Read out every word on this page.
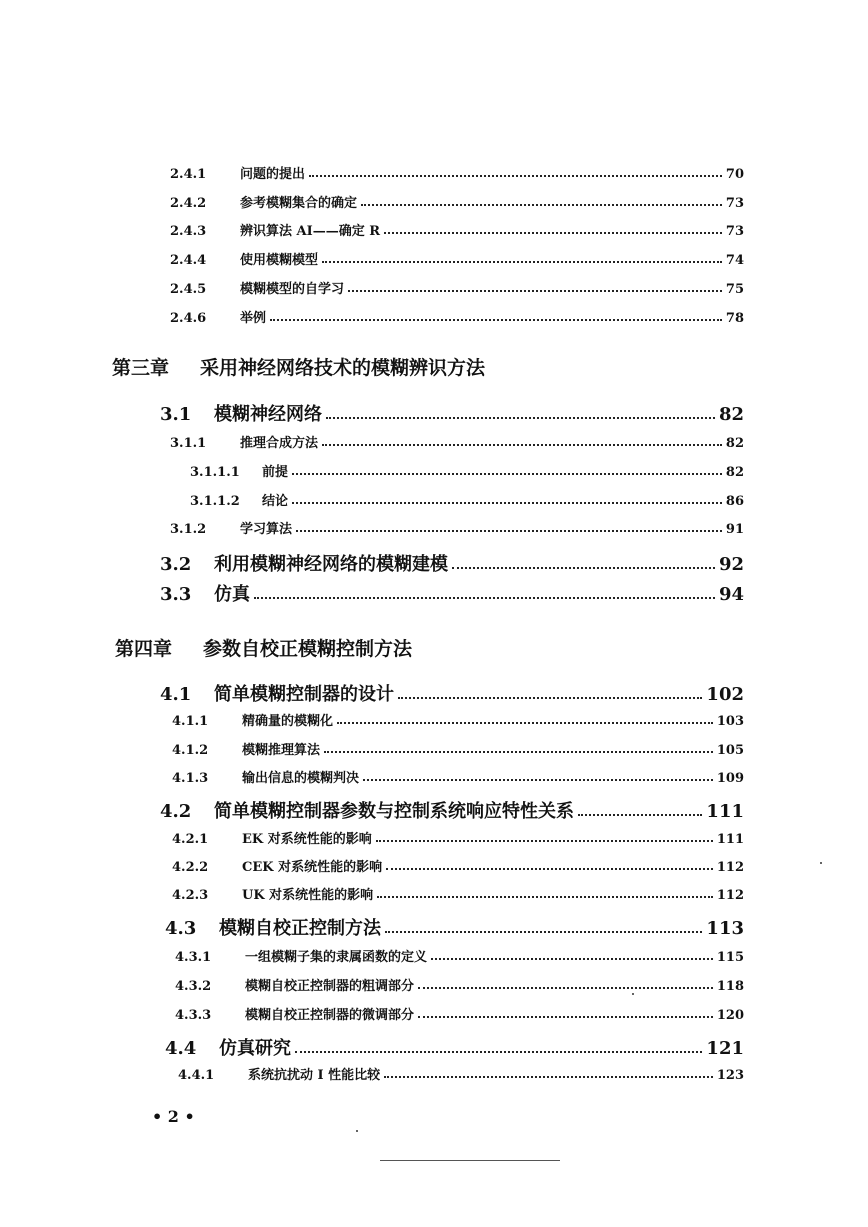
2.4.1	问题的提出	70
2.4.2	参考模糊集合的确定	73
2.4.3	辨识算法 AI——确定 R	73
2.4.4	使用模糊模型	74
2.4.5	模糊模型的自学习	75
2.4.6	举例	78
第三章 采用神经网络技术的模糊辨识方法
3.1	模糊神经网络	82
3.1.1	推理合成方法	82
3.1.1.1	前提	82
3.1.1.2	结论	86
3.1.2	学习算法	91
3.2	利用模糊神经网络的模糊建模	92
3.3	仿真	94
第四章 参数自校正模糊控制方法
4.1	简单模糊控制器的设计	102
4.1.1	精确量的模糊化	103
4.1.2	模糊推理算法	105
4.1.3	输出信息的模糊判决	109
4.2	简单模糊控制器参数与控制系统响应特性关系	111
4.2.1	EK 对系统性能的影响	111
4.2.2	CEK 对系统性能的影响	112
4.2.3	UK 对系统性能的影响	112
4.3	模糊自校正控制方法	113
4.3.1	一组模糊子集的隶属函数的定义	115
4.3.2	模糊自校正控制器的粗调部分	118
4.3.3	模糊自校正控制器的微调部分	120
4.4	仿真研究	121
4.4.1	系统抗扰动 I 性能比较	123
• 2 •
